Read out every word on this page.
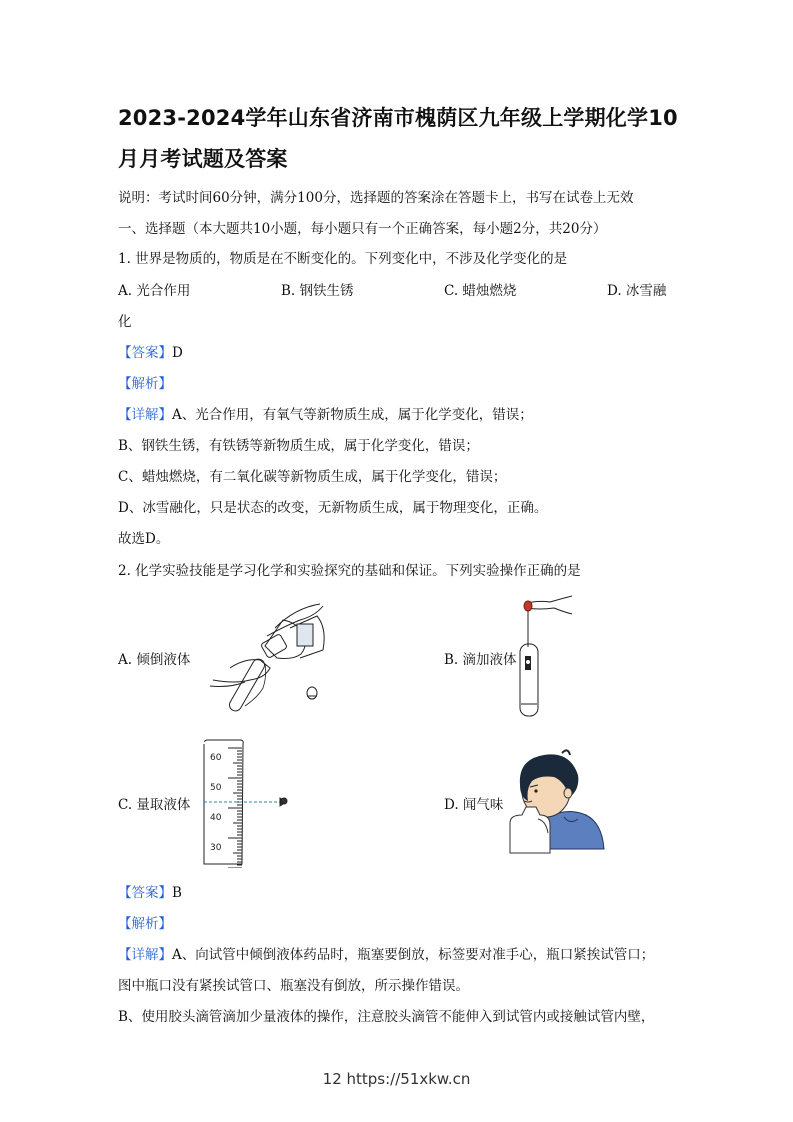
2023-2024学年山东省济南市槐荫区九年级上学期化学10
月月考试题及答案
说明：考试时间60分钟，满分100分，选择题的答案涂在答题卡上，书写在试卷上无效
一、选择题（本大题共10小题，每小题只有一个正确答案，每小题2分，共20分）
1. 世界是物质的，物质是在不断变化的。下列变化中，不涉及化学变化的是
A. 光合作用	B. 钢铁生锈	C. 蜡烛燃烧	D. 冰雪融
化
【答案】D
【解析】
【详解】A、光合作用，有氧气等新物质生成，属于化学变化，错误；
B、钢铁生锈，有铁锈等新物质生成，属于化学变化，错误；
C、蜡烛燃烧，有二氧化碳等新物质生成，属于化学变化，错误；
D、冰雪融化，只是状态的改变，无新物质生成，属于物理变化，正确。
故选D。
2. 化学实验技能是学习化学和实验探究的基础和保证。下列实验操作正确的是
A. 倾倒液体	B. 滴加液体
C. 量取液体	D. 闻气味
60
50
40
30
【答案】B
【解析】
【详解】A、向试管中倾倒液体药品时，瓶塞要倒放，标签要对准手心，瓶口紧挨试管口；
图中瓶口没有紧挨试管口、瓶塞没有倒放，所示操作错误。
B、使用胶头滴管滴加少量液体的操作，注意胶头滴管不能伸入到试管内或接触试管内壁，
12 https://51xkw.cn
